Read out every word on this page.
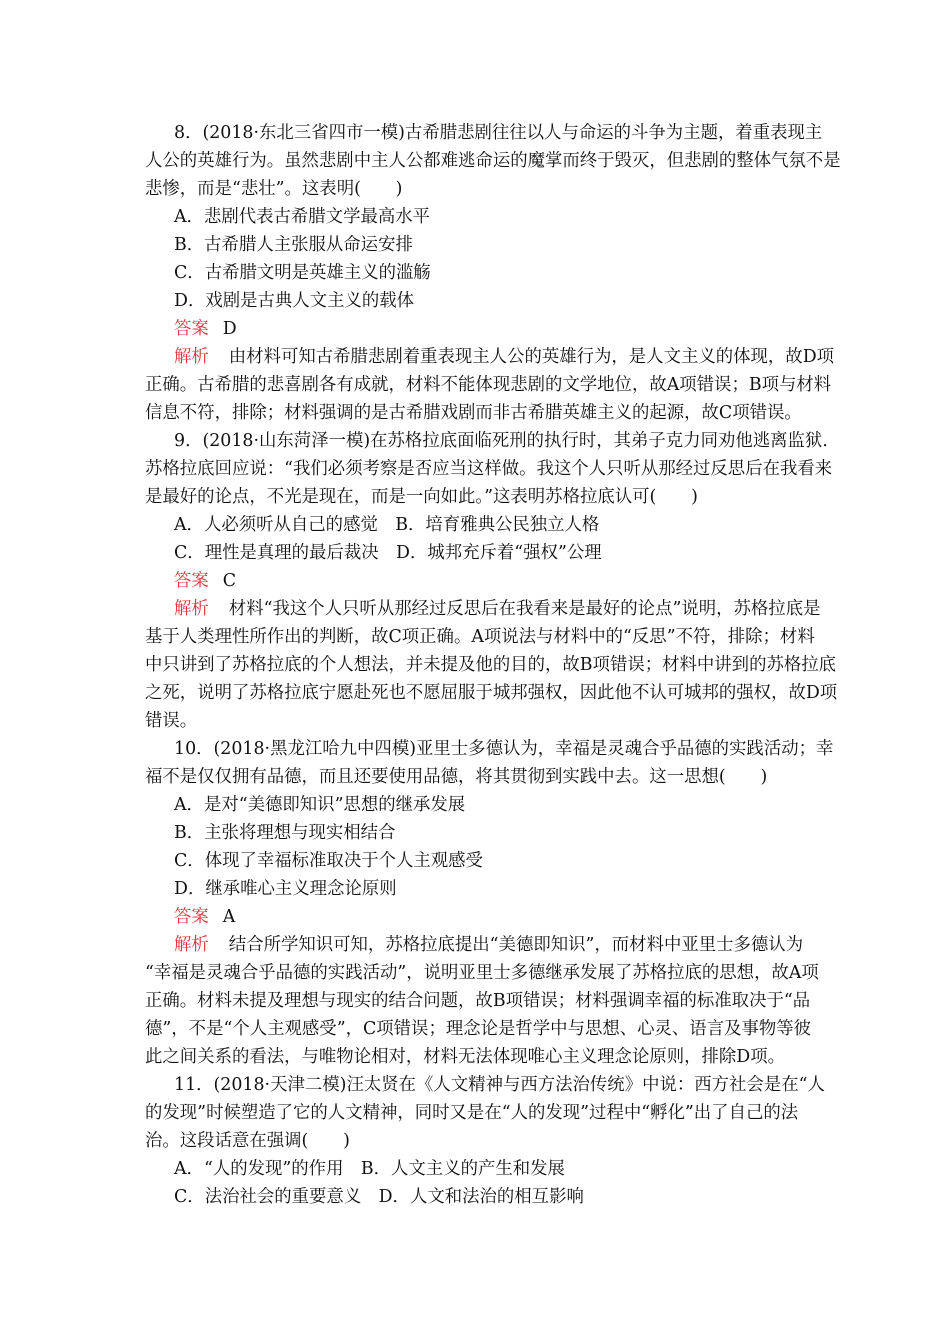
8．(2018·东北三省四市一模)古希腊悲剧往往以人与命运的斗争为主题，着重表现主
人公的英雄行为。虽然悲剧中主人公都难逃命运的魔掌而终于毁灭，但悲剧的整体气氛不是
悲惨，而是“悲壮”。这表明(　　)
A．悲剧代表古希腊文学最高水平
B．古希腊人主张服从命运安排
C．古希腊文明是英雄主义的滥觞
D．戏剧是古典人文主义的载体
答案 D
解析 由材料可知古希腊悲剧着重表现主人公的英雄行为，是人文主义的体现，故D项
正确。古希腊的悲喜剧各有成就，材料不能体现悲剧的文学地位，故A项错误；B项与材料
信息不符，排除；材料强调的是古希腊戏剧而非古希腊英雄主义的起源，故C项错误。
9．(2018·山东菏泽一模)在苏格拉底面临死刑的执行时，其弟子克力同劝他逃离监狱．
苏格拉底回应说：“我们必须考察是否应当这样做。我这个人只听从那经过反思后在我看来
是最好的论点，不光是现在，而是一向如此。”这表明苏格拉底认可(　　)
A．人必须听从自己的感觉　B．培育雅典公民独立人格
C．理性是真理的最后裁决　D．城邦充斥着“强权”公理
答案 C
解析 材料“我这个人只听从那经过反思后在我看来是最好的论点”说明，苏格拉底是
基于人类理性所作出的判断，故C项正确。A项说法与材料中的“反思”不符，排除；材料
中只讲到了苏格拉底的个人想法，并未提及他的目的，故B项错误；材料中讲到的苏格拉底
之死，说明了苏格拉底宁愿赴死也不愿屈服于城邦强权，因此他不认可城邦的强权，故D项
错误。
10．(2018·黑龙江哈九中四模)亚里士多德认为，幸福是灵魂合乎品德的实践活动；幸
福不是仅仅拥有品德，而且还要使用品德，将其贯彻到实践中去。这一思想(　　)
A．是对“美德即知识”思想的继承发展
B．主张将理想与现实相结合
C．体现了幸福标准取决于个人主观感受
D．继承唯心主义理念论原则
答案 A
解析 结合所学知识可知，苏格拉底提出“美德即知识”，而材料中亚里士多德认为
“幸福是灵魂合乎品德的实践活动”，说明亚里士多德继承发展了苏格拉底的思想，故A项
正确。材料未提及理想与现实的结合问题，故B项错误；材料强调幸福的标准取决于“品
德”，不是“个人主观感受”，C项错误；理念论是哲学中与思想、心灵、语言及事物等彼
此之间关系的看法，与唯物论相对，材料无法体现唯心主义理念论原则，排除D项。
11．(2018·天津二模)汪太贤在《人文精神与西方法治传统》中说：西方社会是在“人
的发现”时候塑造了它的人文精神，同时又是在“人的发现”过程中“孵化”出了自己的法
治。这段话意在强调(　　)
A．“人的发现”的作用　B．人文主义的产生和发展
C．法治社会的重要意义　D．人文和法治的相互影响
